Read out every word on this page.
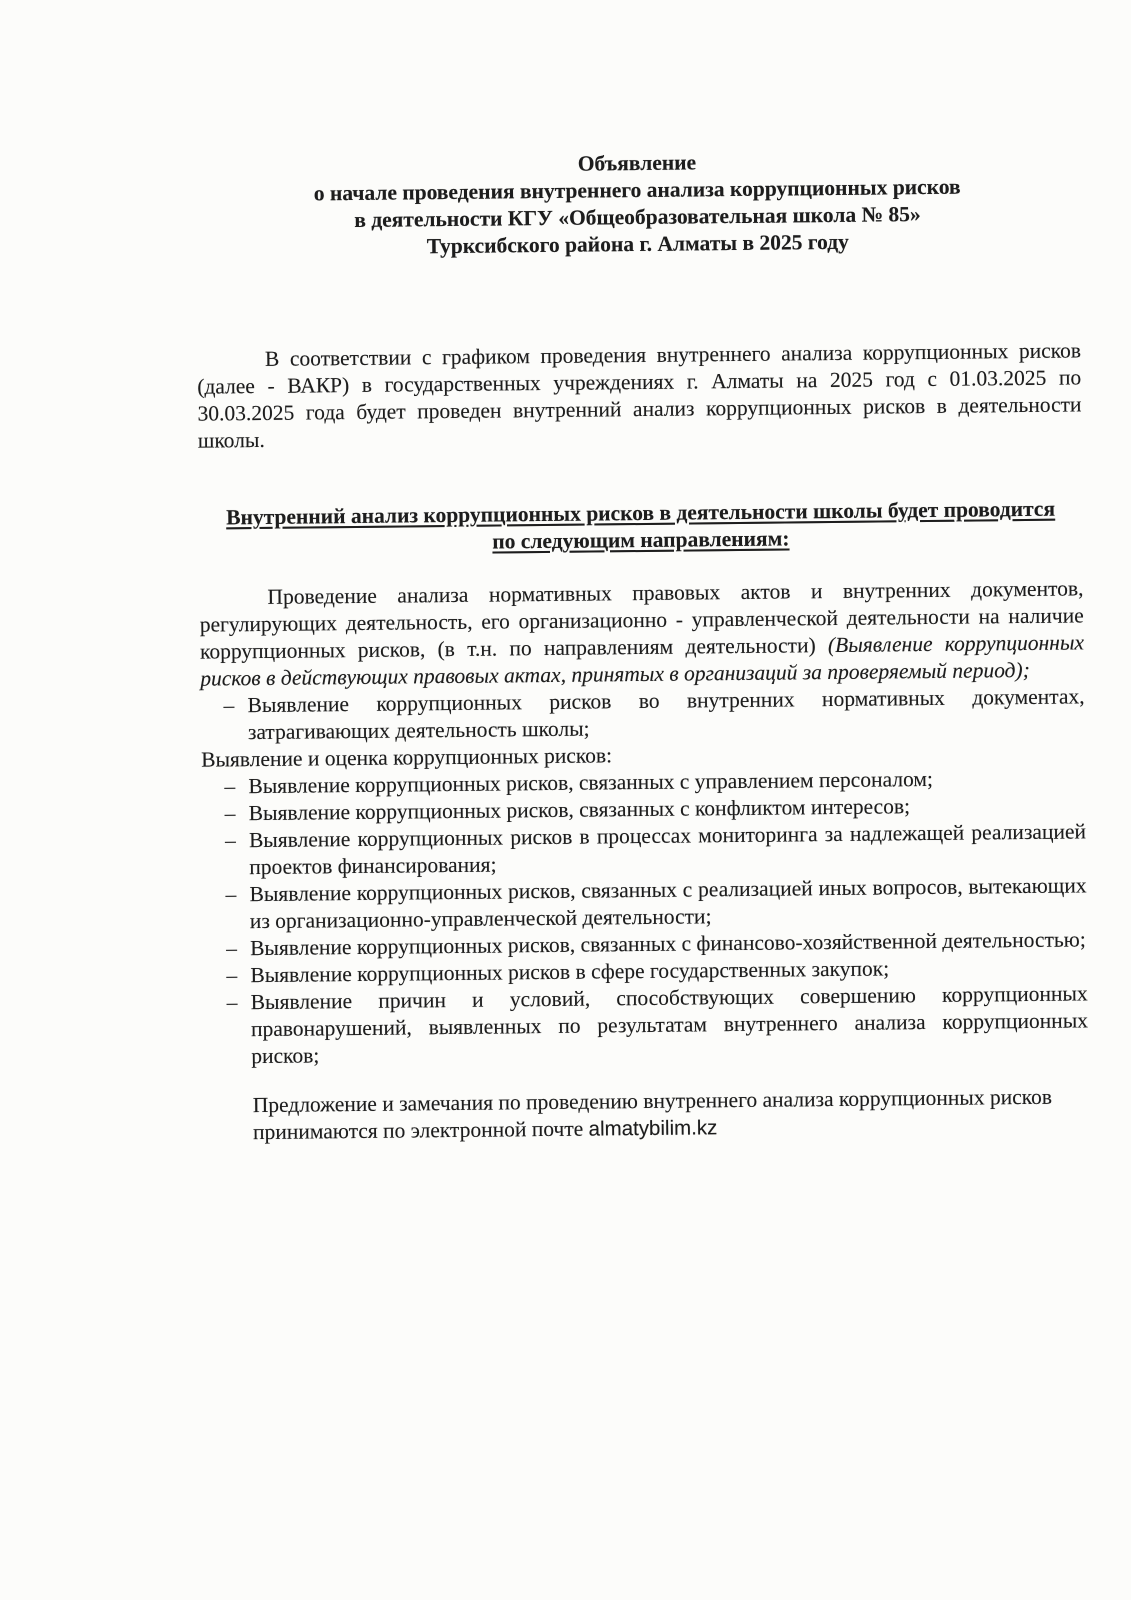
Объявление
о начале проведения внутреннего анализа коррупционных рисков
в деятельности КГУ «Общеобразовательная школа № 85»
Турксибского района г. Алматы в 2025 году

В соответствии с графиком проведения внутреннего анализа коррупционных рисков (далее - ВАКР) в государственных учреждениях г. Алматы на 2025 год с 01.03.2025 по 30.03.2025 года будет проведен внутренний анализ коррупционных рисков в деятельности школы.

Внутренний анализ коррупционных рисков в деятельности школы будет проводится
по следующим направлениям:

Проведение анализа нормативных правовых актов и внутренних документов, регулирующих деятельность, его организационно - управленческой деятельности на наличие коррупционных рисков, (в т.н. по направлениям деятельности) (Выявление коррупционных рисков в действующих правовых актах, принятых в организаций за проверяемый период);

– Выявление коррупционных рисков во внутренних нормативных документах, затрагивающих деятельность школы;
Выявление и оценка коррупционных рисков:
– Выявление коррупционных рисков, связанных с управлением персоналом;
– Выявление коррупционных рисков, связанных с конфликтом интересов;
– Выявление коррупционных рисков в процессах мониторинга за надлежащей реализацией проектов финансирования;
– Выявление коррупционных рисков, связанных с реализацией иных вопросов, вытекающих из организационно-управленческой деятельности;
– Выявление коррупционных рисков, связанных с финансово-хозяйственной деятельностью;
– Выявление коррупционных рисков в сфере государственных закупок;
– Выявление причин и условий, способствующих совершению коррупционных правонарушений, выявленных по результатам внутреннего анализа коррупционных рисков;

Предложение и замечания по проведению внутреннего анализа коррупционных рисков принимаются по электронной почте almatybilim.kz
